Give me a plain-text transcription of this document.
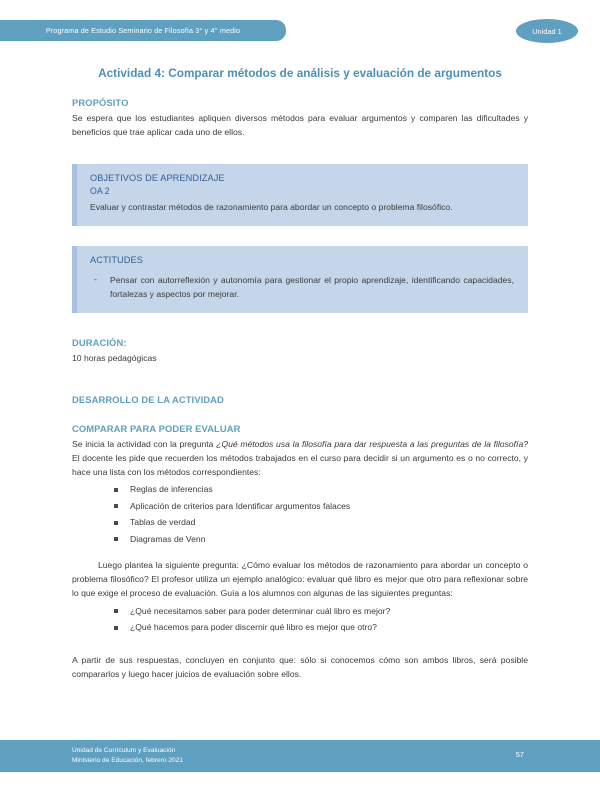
Programa de Estudio Seminario de Filosofía 3° y 4° medio	Unidad 1
Actividad 4: Comparar métodos de análisis y evaluación de argumentos
PROPÓSITO

Se espera que los estudiantes apliquen diversos métodos para evaluar argumentos y comparen las dificultades y beneficios que trae aplicar cada uno de ellos.

OBJETIVOS DE APRENDIZAJE
OA 2

Evaluar y contrastar métodos de razonamiento para abordar un concepto o problema filosófico.

ACTITUDES
-	Pensar con autorreflexión y autonomía para gestionar el propio aprendizaje, identificando capacidades, fortalezas y aspectos por mejorar.
DURACIÓN:

10 horas pedagógicas

DESARROLLO DE LA ACTIVIDAD
COMPARAR PARA PODER EVALUAR

Se inicia la actividad con la pregunta ¿Qué métodos usa la filosofía para dar respuesta a las preguntas de la filosofía? El docente les pide que recuerden los métodos trabajados en el curso para decidir si un argumento es o no correcto, y hace una lista con los métodos correspondientes:

Reglas de inferencias
Aplicación de criterios para Identificar argumentos falaces
Tablas de verdad
Diagramas de Venn

Luego plantea la siguiente pregunta: ¿Cómo evaluar los métodos de razonamiento para abordar un concepto o problema filosófico? El profesor utiliza un ejemplo analógico: evaluar qué libro es mejor que otro para reflexionar sobre lo que exige el proceso de evaluación. Guía a los alumnos con algunas de las siguientes preguntas:

¿Qué necesitamos saber para poder determinar cuál libro es mejor?
¿Qué hacemos para poder discernir qué libro es mejor que otro?

A partir de sus respuestas, concluyen en conjunto que: sólo si conocemos cómo son ambos libros, será posible compararlos y luego hacer juicios de evaluación sobre ellos.

Unidad de Currículum y Evaluación
Ministerio de Educación, febrero 2021
57
